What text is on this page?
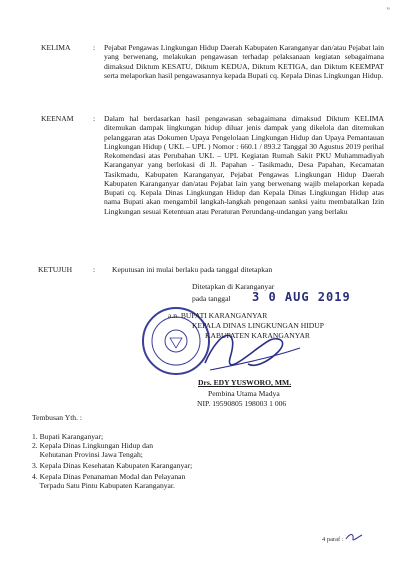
"
KELIMA	: Pejabat Pengawas Lingkungan Hidup Daerah Kabupaten Karanganyar dan/atau Pejabat lain yang berwenang, melakukan pengawasan terhadap pelaksanaan kegiatan sebagaimana dimaksud Diktum KESATU, Diktum KEDUA, Diktum KETIGA, dan Diktum KEEMPAT serta melaporkan hasil pengawasannya kepada Bupati cq. Kepala Dinas Lingkungan Hidup.
KEENAM	: Dalam hal berdasarkan hasil pengawasan sebagaimana dimaksud Diktum KELIMA ditemukan dampak lingkungan hidup diluar jenis dampak yang dikelola dan ditemukan pelanggaran atas Dokumen Upaya Pengelolaan Lingkungan Hidup dan Upaya Pemantauan Lingkungan Hidup ( UKL – UPL ) Nomor : 660.1 / 893.2 Tanggal 30 Agustus 2019 perihal Rekomendasi atas Perubahan UKL – UPL Kegiatan Rumah Sakit PKU Muhammadiyah Karanganyar yang berlokasi di Jl. Papahan - Tasikmadu, Desa Papahan, Kecamatan Tasikmadu, Kabupaten Karanganyar, Pejabat Pengawas Lingkungan Hidup Daerah Kabupaten Karanganyar dan/atau Pejabat lain yang berwenang wajib melaporkan kepada Bupati cq. Kepala Dinas Lingkungan Hidup dan Kepala Dinas Lingkungan Hidup atas nama Bupati akan mengambil langkah-langkah pengenaan sanksi yaitu membatalkan Izin Lingkungan sesuai Ketentuan atau Peraturan Perundang-undangan yang berlaku
KETUJUH	: Keputusan ini mulai berlaku pada tanggal ditetapkan
Ditetapkan di Karanganyar
pada tanggal 3 0 AUG 2019
a.n. BUPATI KARANGANYAR
KEPALA DINAS LINGKUNGAN HIDUP
KABUPATEN KARANGANYAR
Drs. EDY YUSWORO, MM.
Pembina Utama Madya
NIP. 19590805 198003 1 006
Tembusan Yth. :
1. Bupati Karanganyar;
2. Kepala Dinas Lingkungan Hidup dan
Kehutanan Provinsi Jawa Tengah;
3. Kepala Dinas Kesehatan Kabupaten Karanganyar;
4. Kepala Dinas Penanaman Modal dan Pelayanan
Terpadu Satu Pintu Kabupaten Karanganyar.
4 paraf :
